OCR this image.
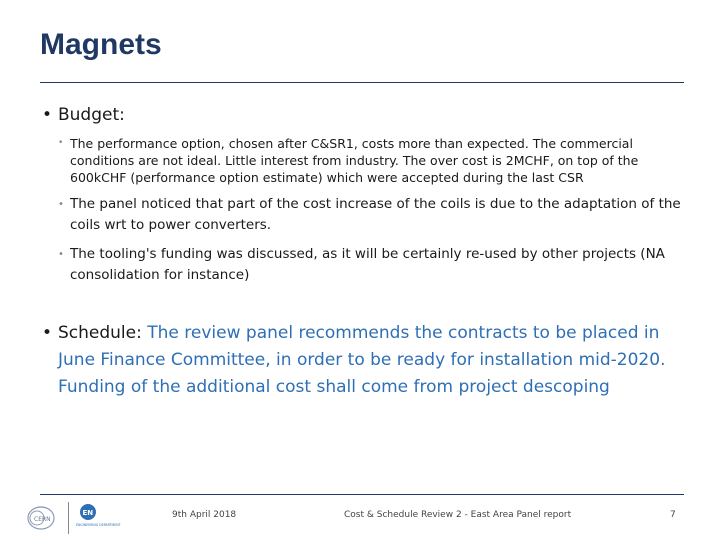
Magnets
• Budget:
• The performance option, chosen after C&SR1, costs more than expected. The commercial conditions are not ideal. Little interest from industry. The over cost is 2MCHF, on top of the 600kCHF (performance option estimate) which were accepted during the last CSR
• The panel noticed that part of the cost increase of the coils is due to the adaptation of the coils wrt to power converters.
• The tooling's funding was discussed, as it will be certainly re-used by other projects (NA consolidation for instance)
• Schedule: The review panel recommends the contracts to be placed in June Finance Committee, in order to be ready for installation mid-2020. Funding of the additional cost shall come from project descoping
CERN
EN
ENGINEERING DEPARTMENT
9th April 2018	Cost & Schedule Review 2 - East Area Panel report	7
